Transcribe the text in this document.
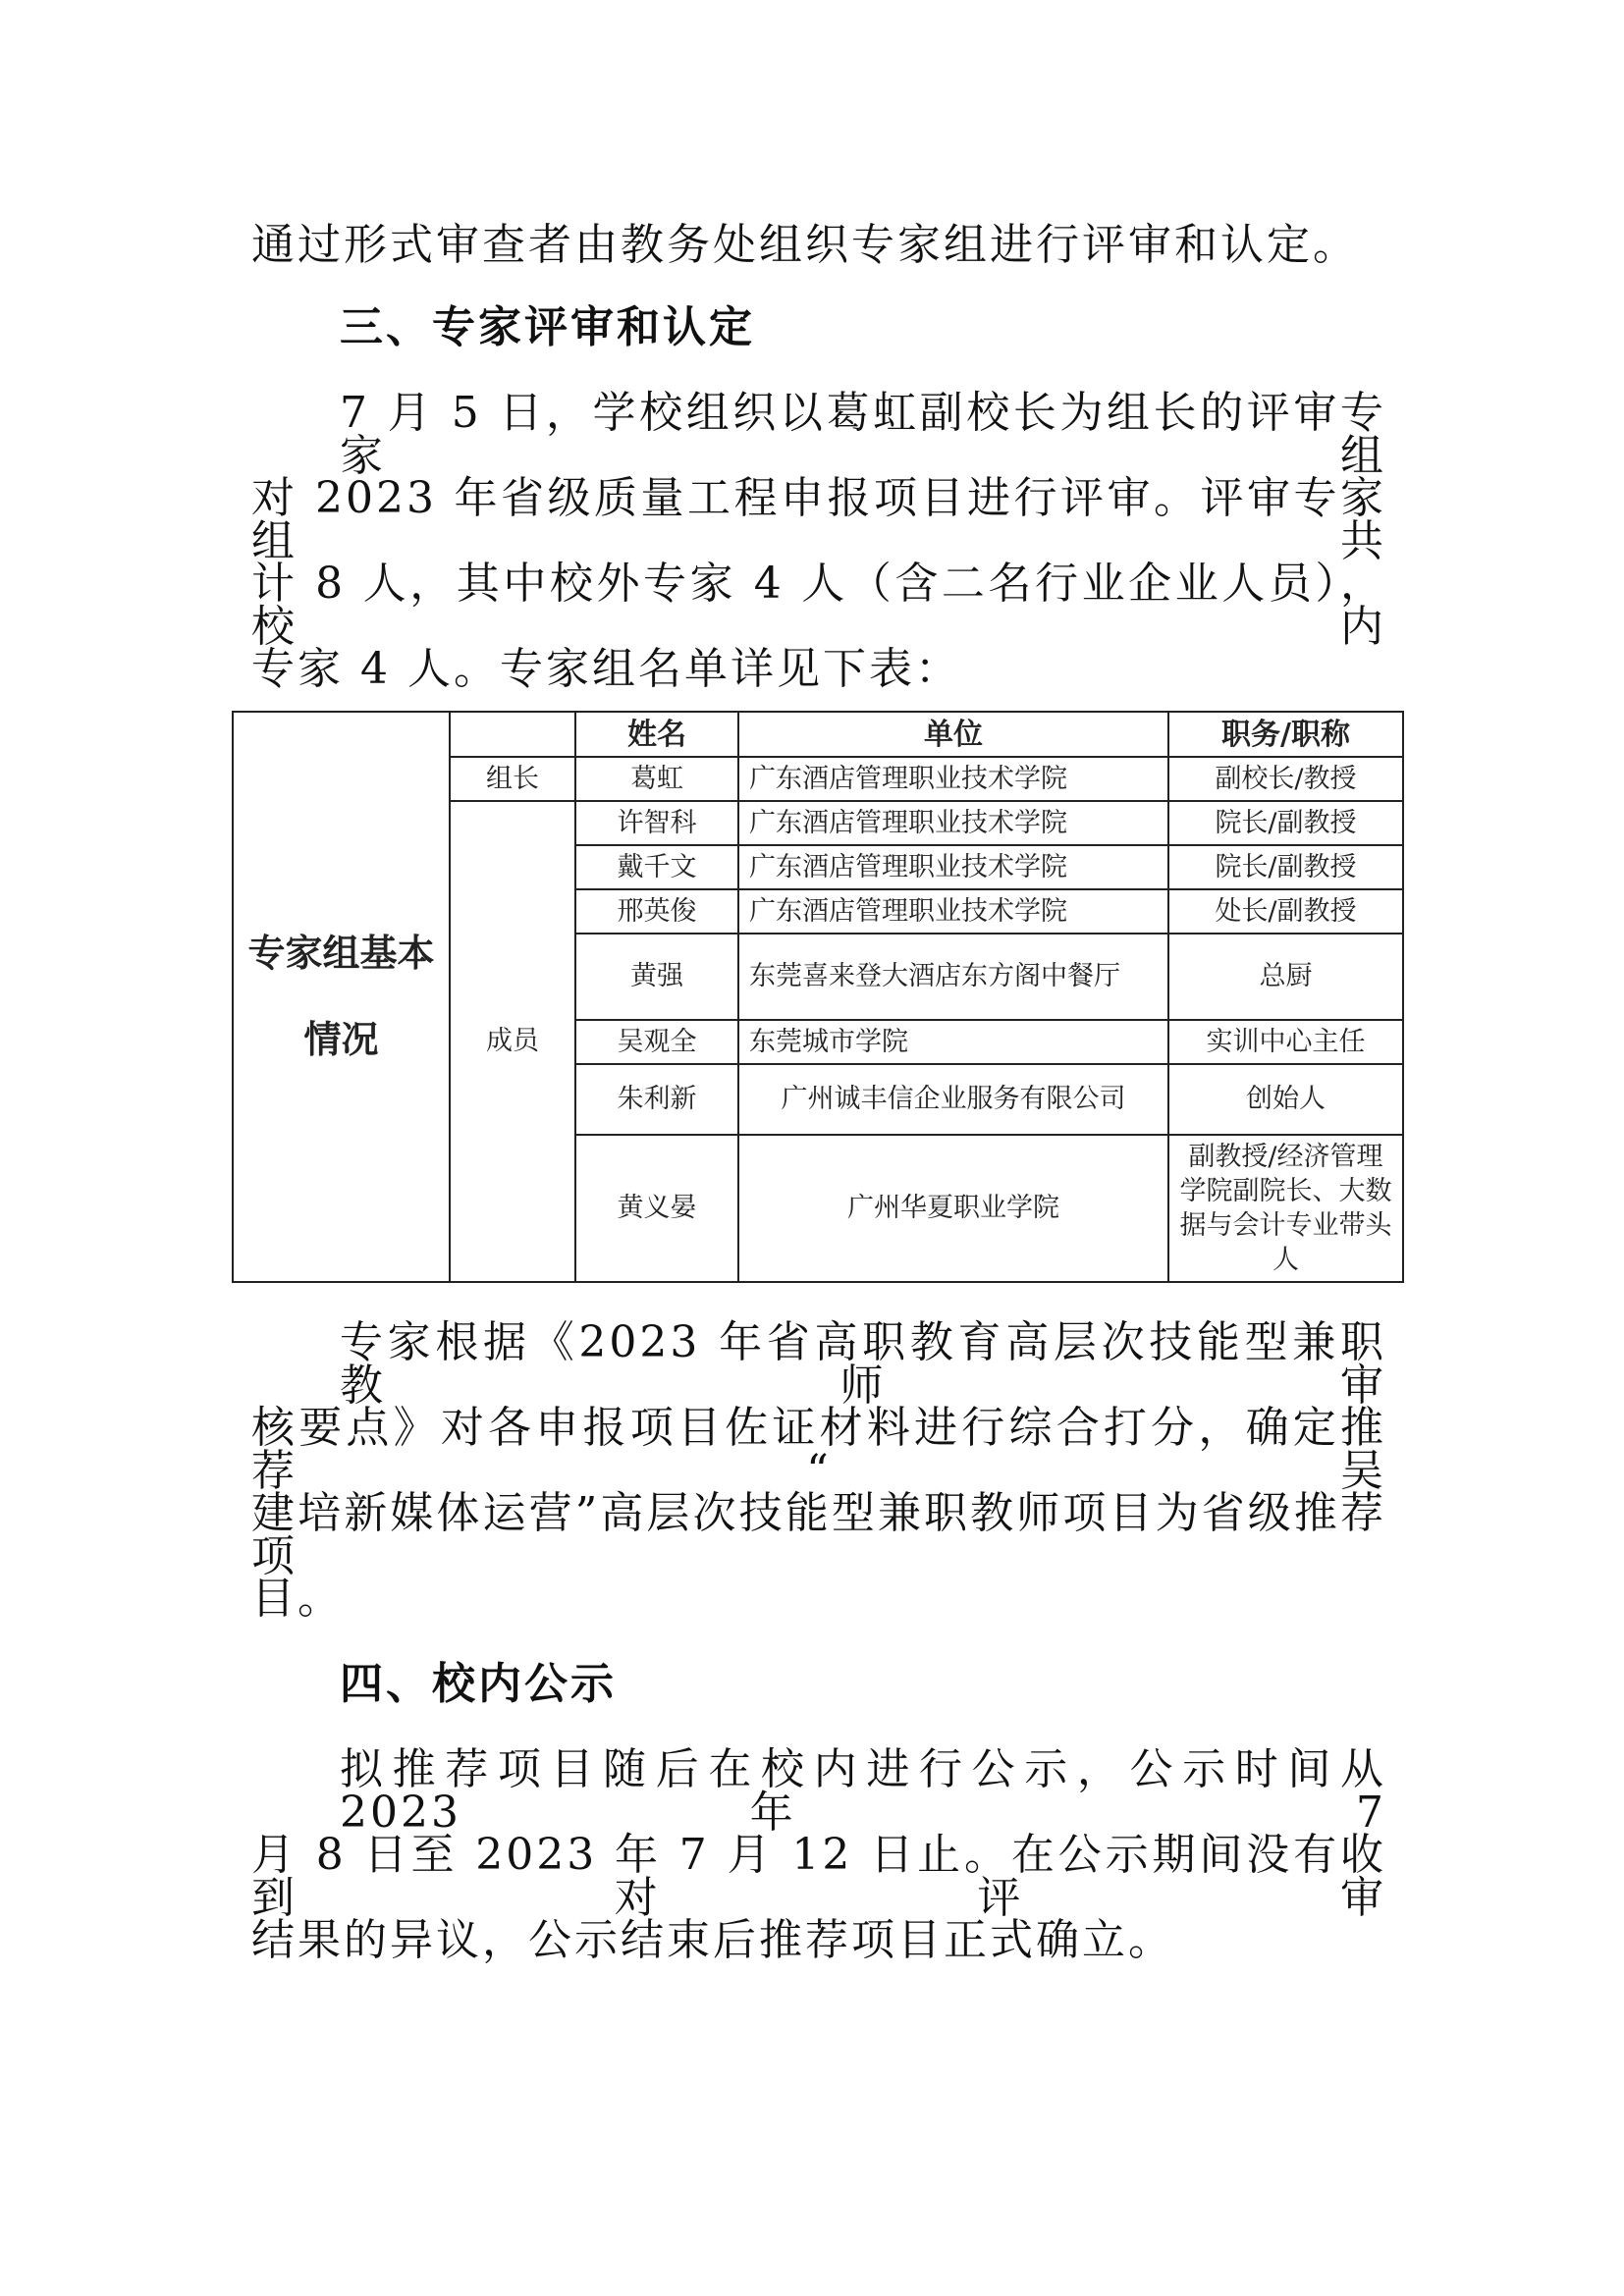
通过形式审查者由教务处组织专家组进行评审和认定。
三、专家评审和认定
7 月 5 日，学校组织以葛虹副校长为组长的评审专家组
对 2023 年省级质量工程申报项目进行评审。评审专家组共
计 8 人，其中校外专家 4 人（含二名行业企业人员），校内
专家 4 人。专家组名单详见下表：
专家组基本情况		姓名	单位	职务/职称
	组长	葛虹	广东酒店管理职业技术学院	副校长/教授
	成员	许智科	广东酒店管理职业技术学院	院长/副教授
		戴千文	广东酒店管理职业技术学院	院长/副教授
		邢英俊	广东酒店管理职业技术学院	处长/副教授
		黄强	东莞喜来登大酒店东方阁中餐厅	总厨
		吴观全	东莞城市学院	实训中心主任
		朱利新	广州诚丰信企业服务有限公司	创始人
		黄义晏	广州华夏职业学院	副教授/经济管理学院副院长、大数据与会计专业带头人
专家根据《2023 年省高职教育高层次技能型兼职教师审
核要点》对各申报项目佐证材料进行综合打分，确定推荐“吴
建培新媒体运营”高层次技能型兼职教师项目为省级推荐项
目。
四、校内公示
拟推荐项目随后在校内进行公示，公示时间从 2023 年 7
月 8 日至 2023 年 7 月 12 日止。在公示期间没有收到对评审
结果的异议，公示结束后推荐项目正式确立。
